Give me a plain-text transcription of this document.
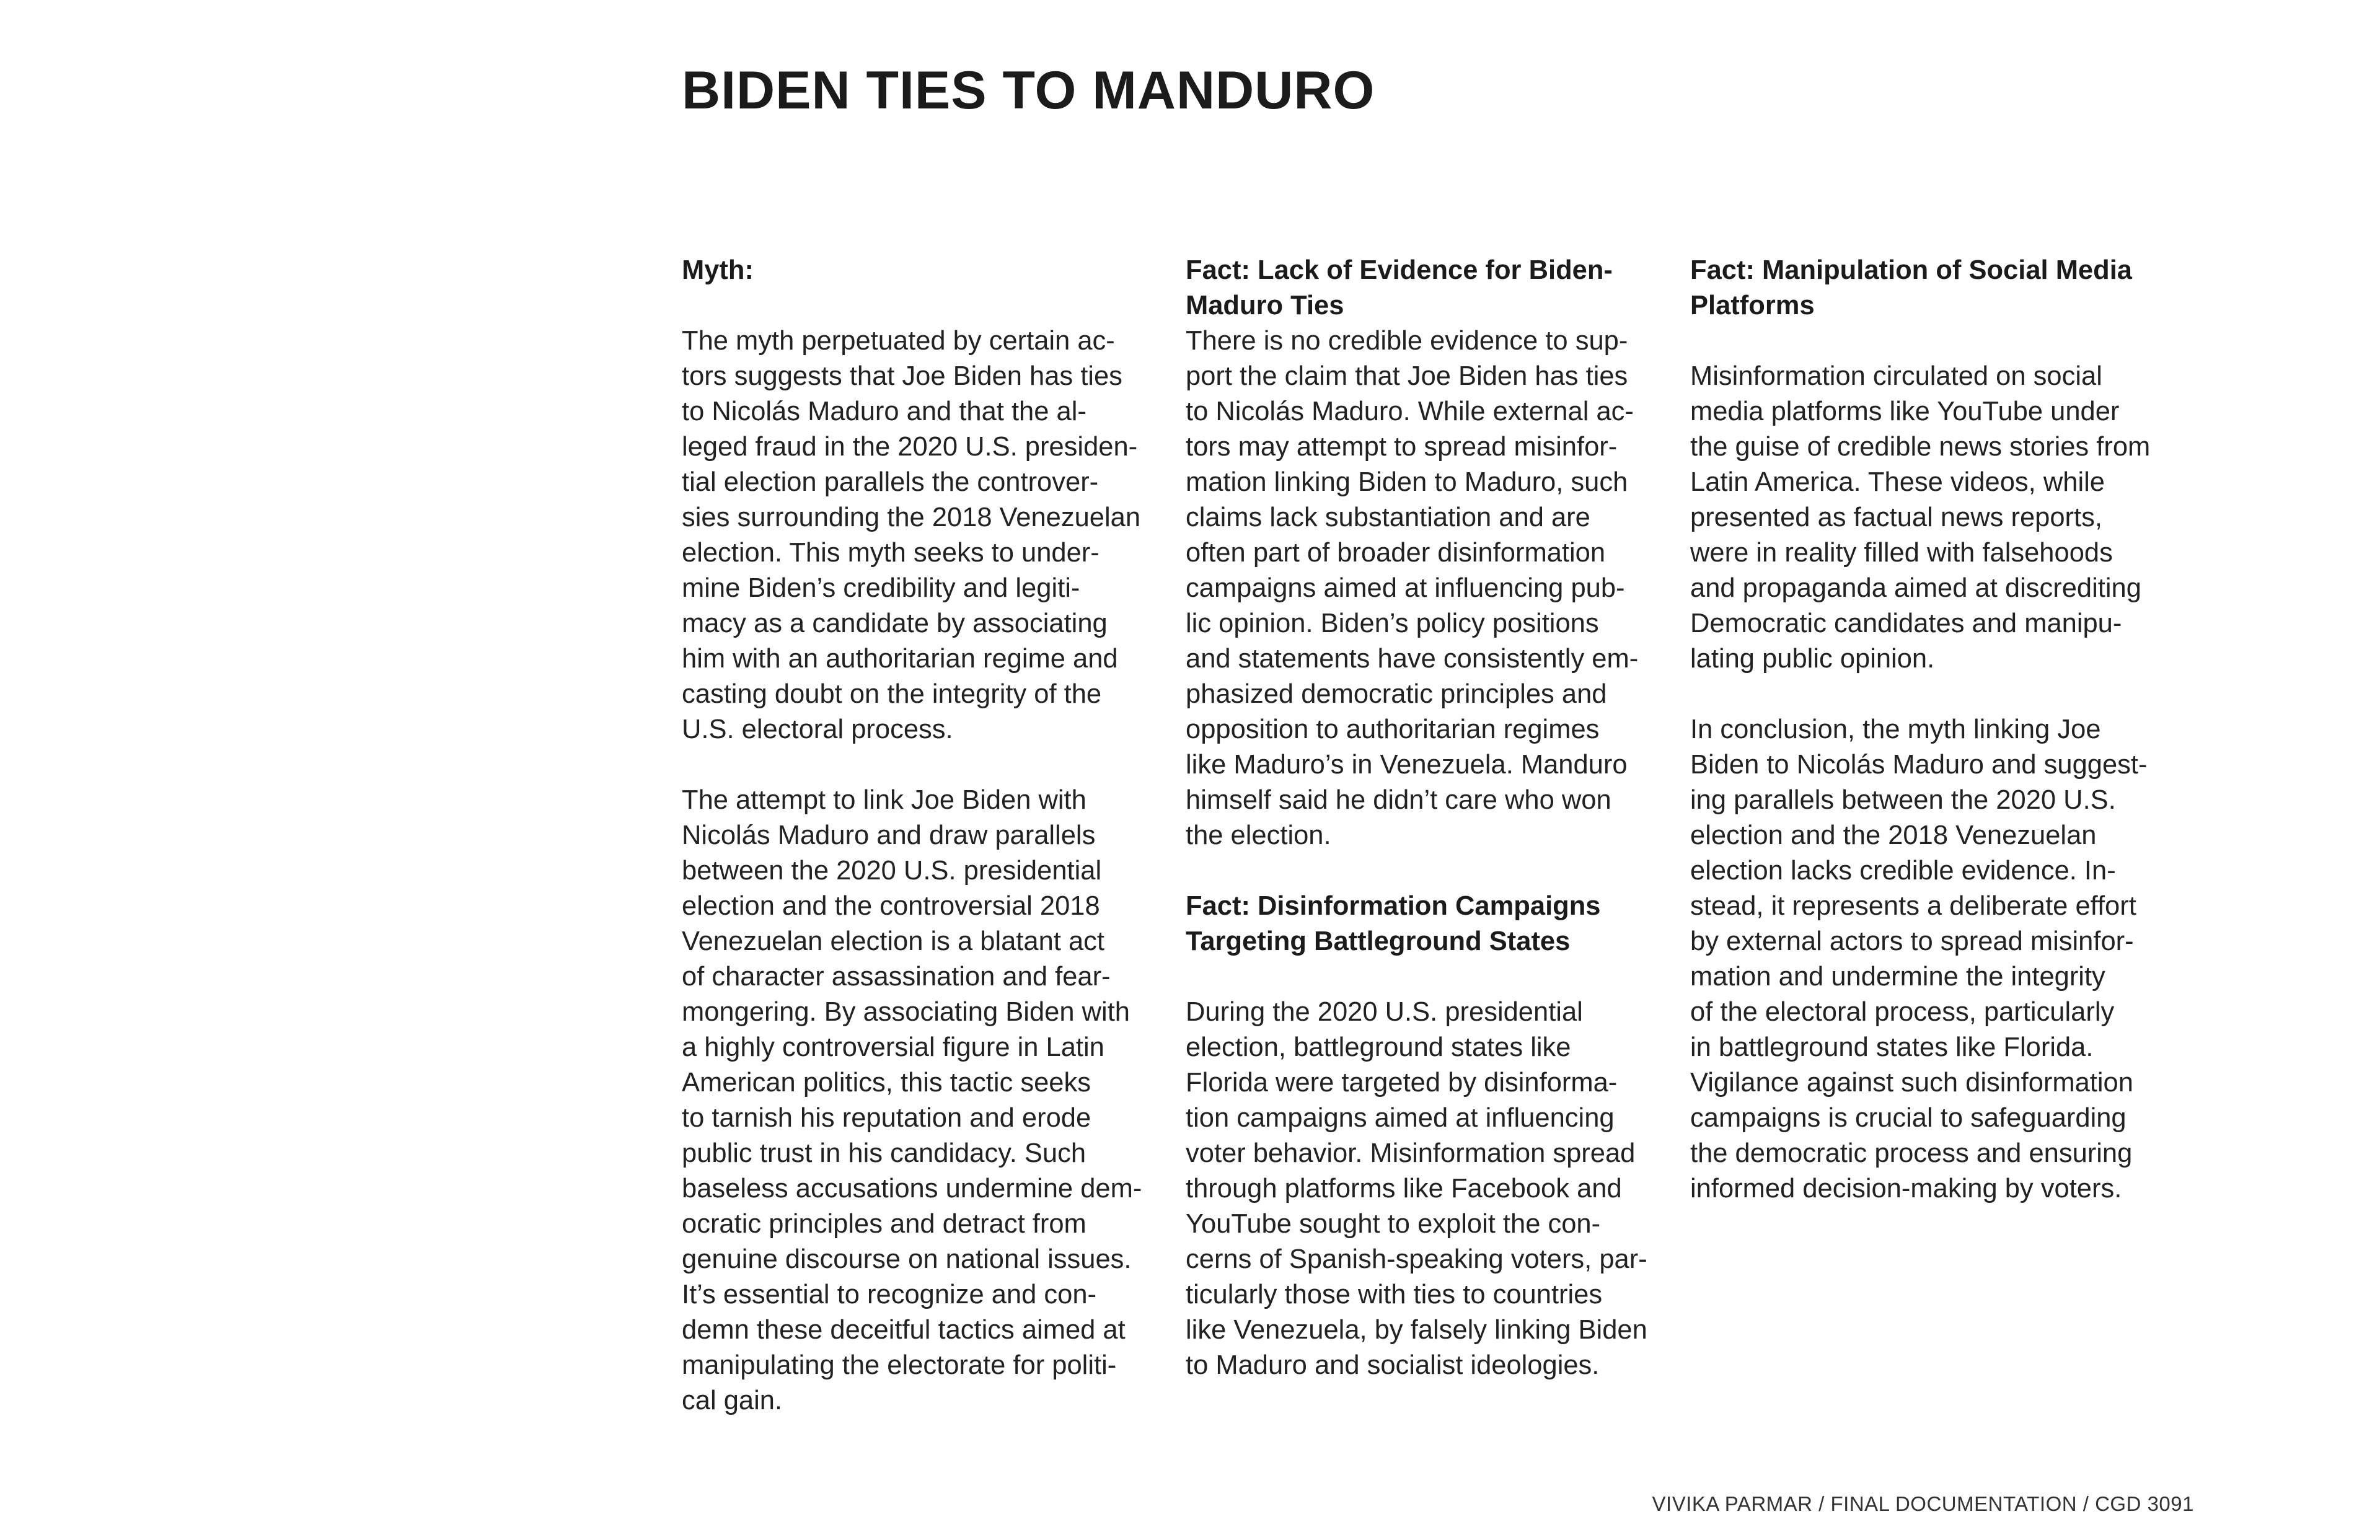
BIDEN TIES TO MANDURO

Myth:

The myth perpetuated by certain ac-
tors suggests that Joe Biden has ties
to Nicolás Maduro and that the al-
leged fraud in the 2020 U.S. presiden-
tial election parallels the controver-
sies surrounding the 2018 Venezuelan
election. This myth seeks to under-
mine Biden’s credibility and legiti-
macy as a candidate by associating
him with an authoritarian regime and
casting doubt on the integrity of the
U.S. electoral process.

The attempt to link Joe Biden with
Nicolás Maduro and draw parallels
between the 2020 U.S. presidential
election and the controversial 2018
Venezuelan election is a blatant act
of character assassination and fear-
mongering. By associating Biden with
a highly controversial figure in Latin
American politics, this tactic seeks
to tarnish his reputation and erode
public trust in his candidacy. Such
baseless accusations undermine dem-
ocratic principles and detract from
genuine discourse on national issues.
It’s essential to recognize and con-
demn these deceitful tactics aimed at
manipulating the electorate for politi-
cal gain.

Fact: Lack of Evidence for Biden-
Maduro Ties

There is no credible evidence to sup-
port the claim that Joe Biden has ties
to Nicolás Maduro. While external ac-
tors may attempt to spread misinfor-
mation linking Biden to Maduro, such
claims lack substantiation and are
often part of broader disinformation
campaigns aimed at influencing pub-
lic opinion. Biden’s policy positions
and statements have consistently em-
phasized democratic principles and
opposition to authoritarian regimes
like Maduro’s in Venezuela. Manduro
himself said he didn’t care who won
the election.

Fact: Disinformation Campaigns
Targeting Battleground States

During the 2020 U.S. presidential
election, battleground states like
Florida were targeted by disinforma-
tion campaigns aimed at influencing
voter behavior. Misinformation spread
through platforms like Facebook and
YouTube sought to exploit the con-
cerns of Spanish-speaking voters, par-
ticularly those with ties to countries
like Venezuela, by falsely linking Biden
to Maduro and socialist ideologies.

Fact: Manipulation of Social Media
Platforms

Misinformation circulated on social
media platforms like YouTube under
the guise of credible news stories from
Latin America. These videos, while
presented as factual news reports,
were in reality filled with falsehoods
and propaganda aimed at discrediting
Democratic candidates and manipu-
lating public opinion.

In conclusion, the myth linking Joe
Biden to Nicolás Maduro and suggest-
ing parallels between the 2020 U.S.
election and the 2018 Venezuelan
election lacks credible evidence. In-
stead, it represents a deliberate effort
by external actors to spread misinfor-
mation and undermine the integrity
of the electoral process, particularly
in battleground states like Florida.
Vigilance against such disinformation
campaigns is crucial to safeguarding
the democratic process and ensuring
informed decision-making by voters.

VIVIKA PARMAR / FINAL DOCUMENTATION / CGD 3091
